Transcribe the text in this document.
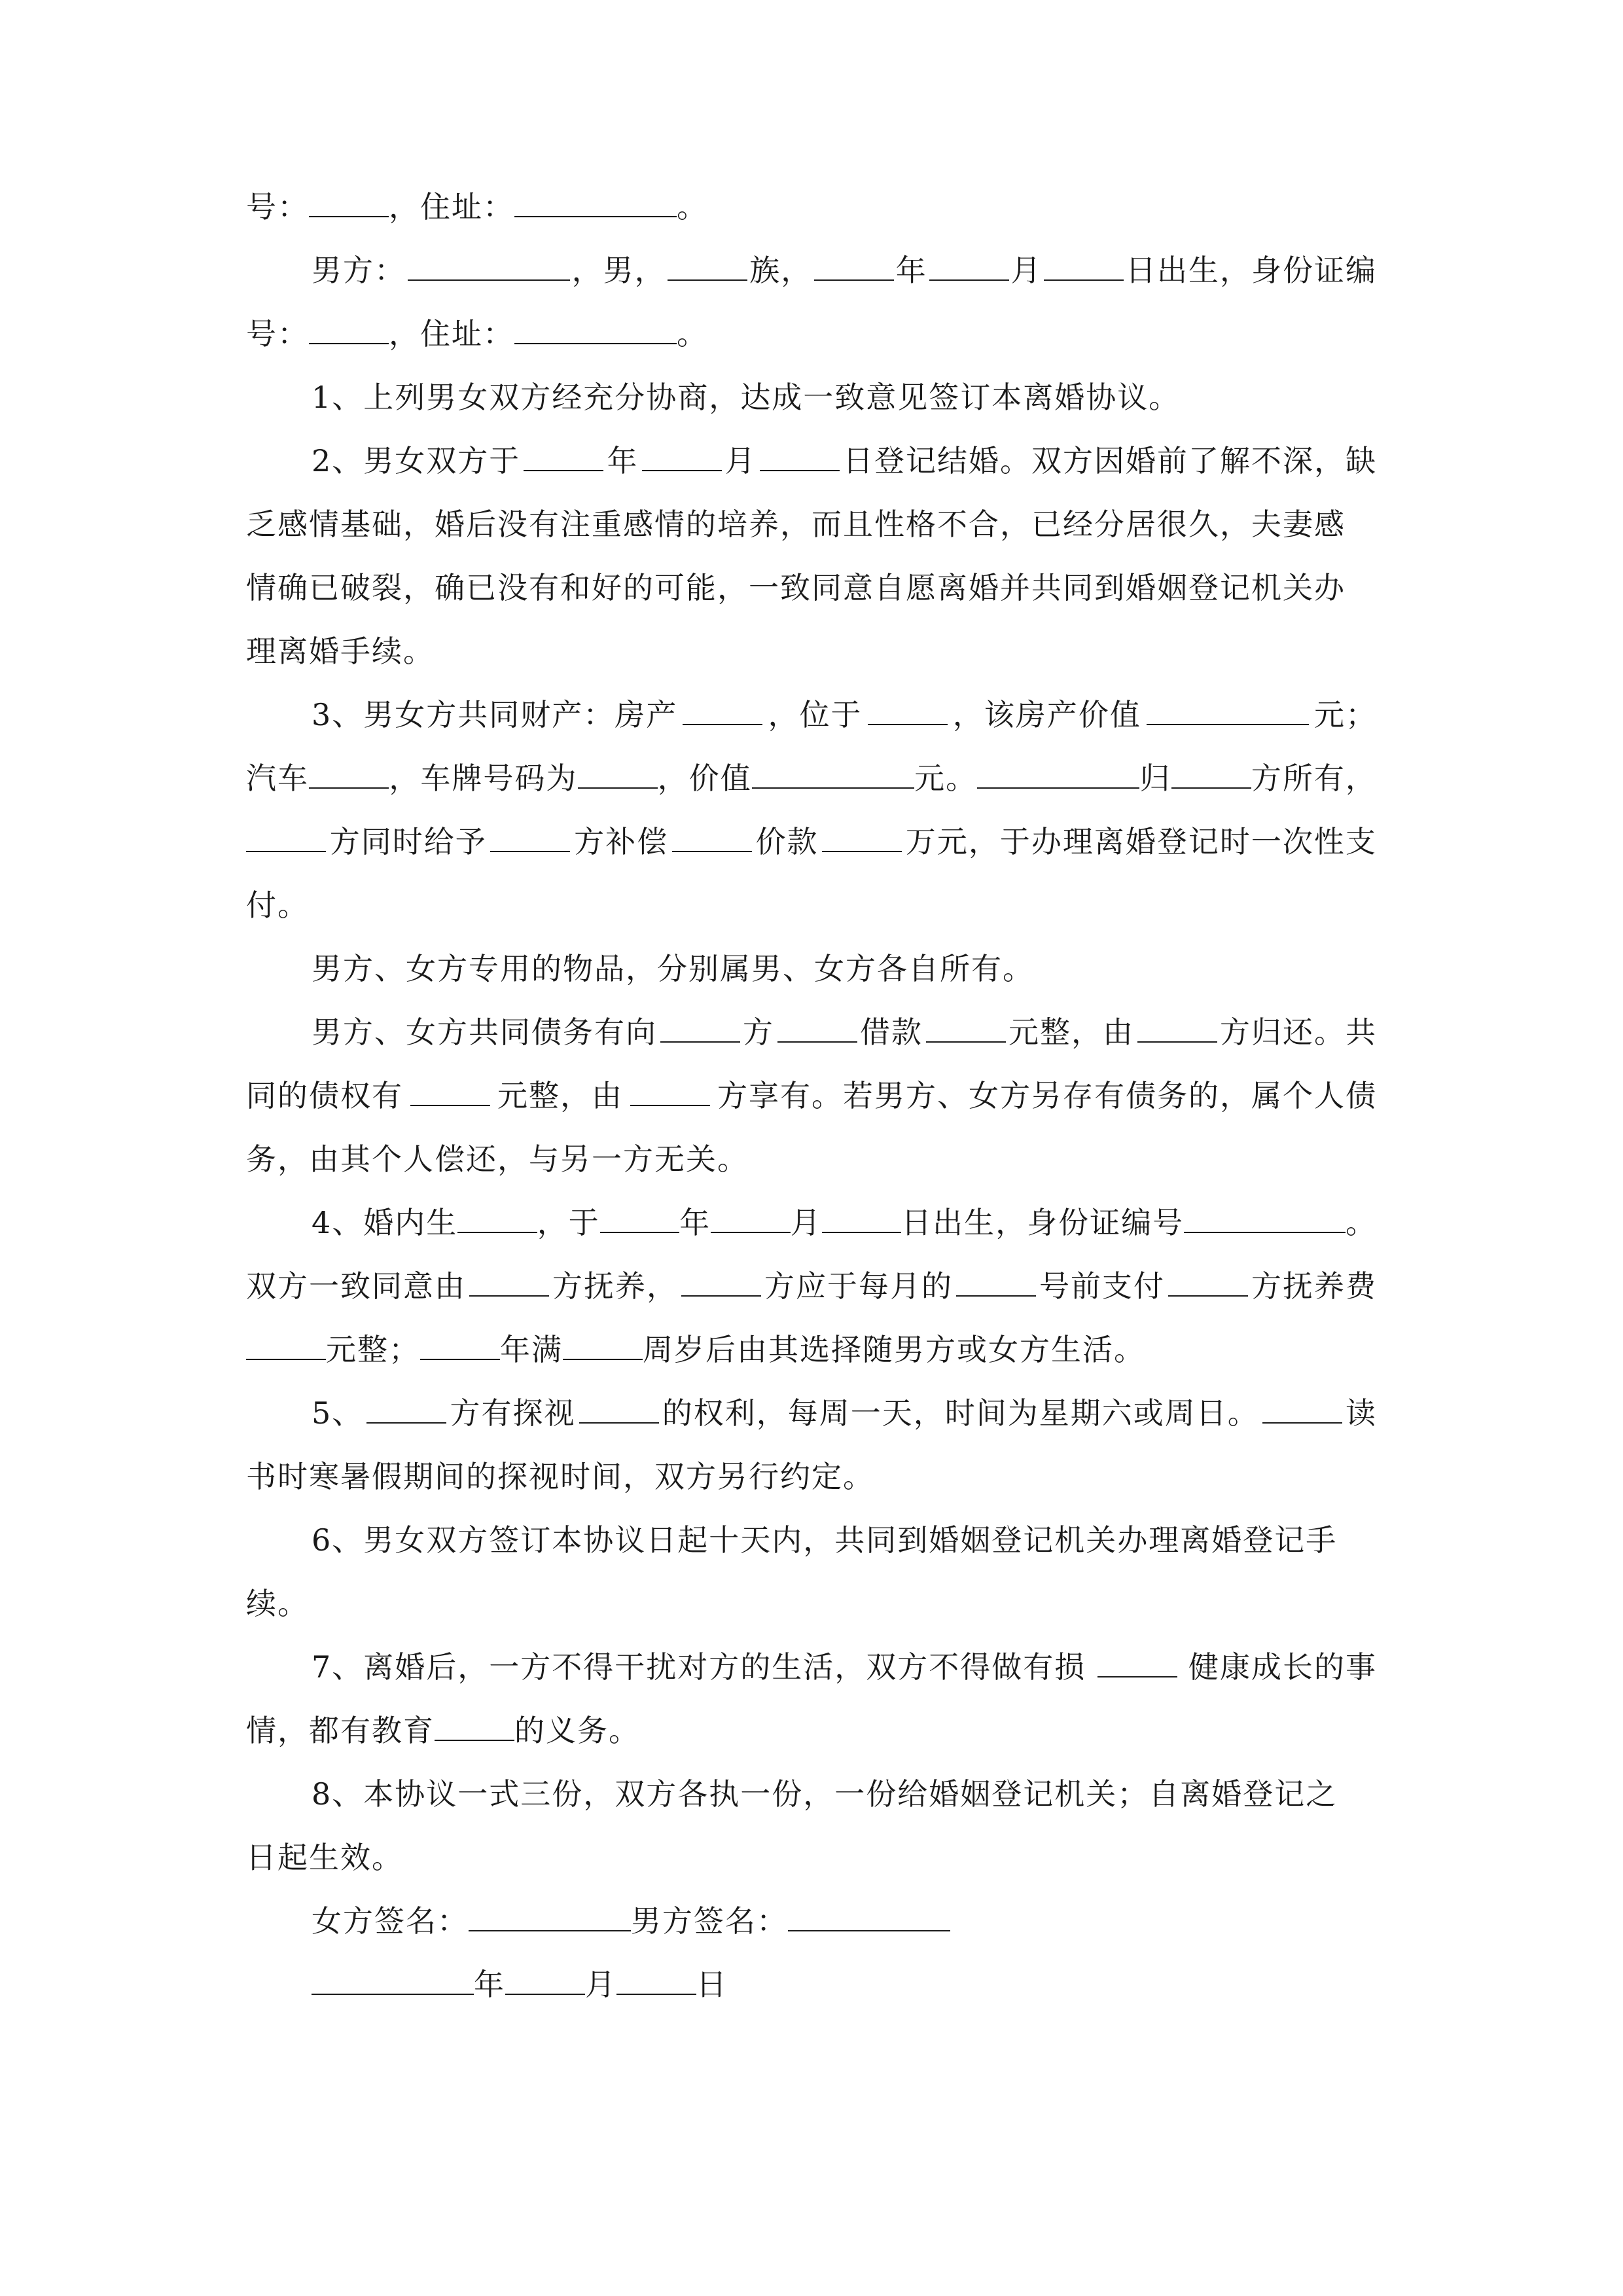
号：	，住址：	。
男方：	，男，	族，	年	月	日出生，身份证编
号：	，住址：	。
1、上列男女双方经充分协商，达成一致意见签订本离婚协议。
2、男女双方于	年	月	日登记结婚。双方因婚前了解不深，缺
乏感情基础，婚后没有注重感情的培养，而且性格不合，已经分居很久，夫妻感
情确已破裂，确已没有和好的可能，一致同意自愿离婚并共同到婚姻登记机关办
理离婚手续。
3、男女方共同财产：房产	，位于	，该房产价值	元；
汽车	，车牌号码为	，价值	元。	归	方所有，
方同时给予	方补偿	价款	万元，于办理离婚登记时一次性支
付。
男方、女方专用的物品，分别属男、女方各自所有。
男方、女方共同债务有向	方	借款	元整，由	方归还。共
同的债权有	元整，由	方享有。若男方、女方另存有债务的，属个人债
务，由其个人偿还，与另一方无关。
4、婚内生	，于	年	月	日出生，身份证编号	。
双方一致同意由	方抚养，	方应于每月的	号前支付	方抚养费
元整；	年满	周岁后由其选择随男方或女方生活。
5、	方有探视	的权利，每周一天，时间为星期六或周日。	读
书时寒暑假期间的探视时间，双方另行约定。
6、男女双方签订本协议日起十天内，共同到婚姻登记机关办理离婚登记手
续。
7、离婚后，一方不得干扰对方的生活，双方不得做有损	健康成长的事
情，都有教育	的义务。
8、本协议一式三份，双方各执一份，一份给婚姻登记机关；自离婚登记之
日起生效。
女方签名：	男方签名：
年	月	日
